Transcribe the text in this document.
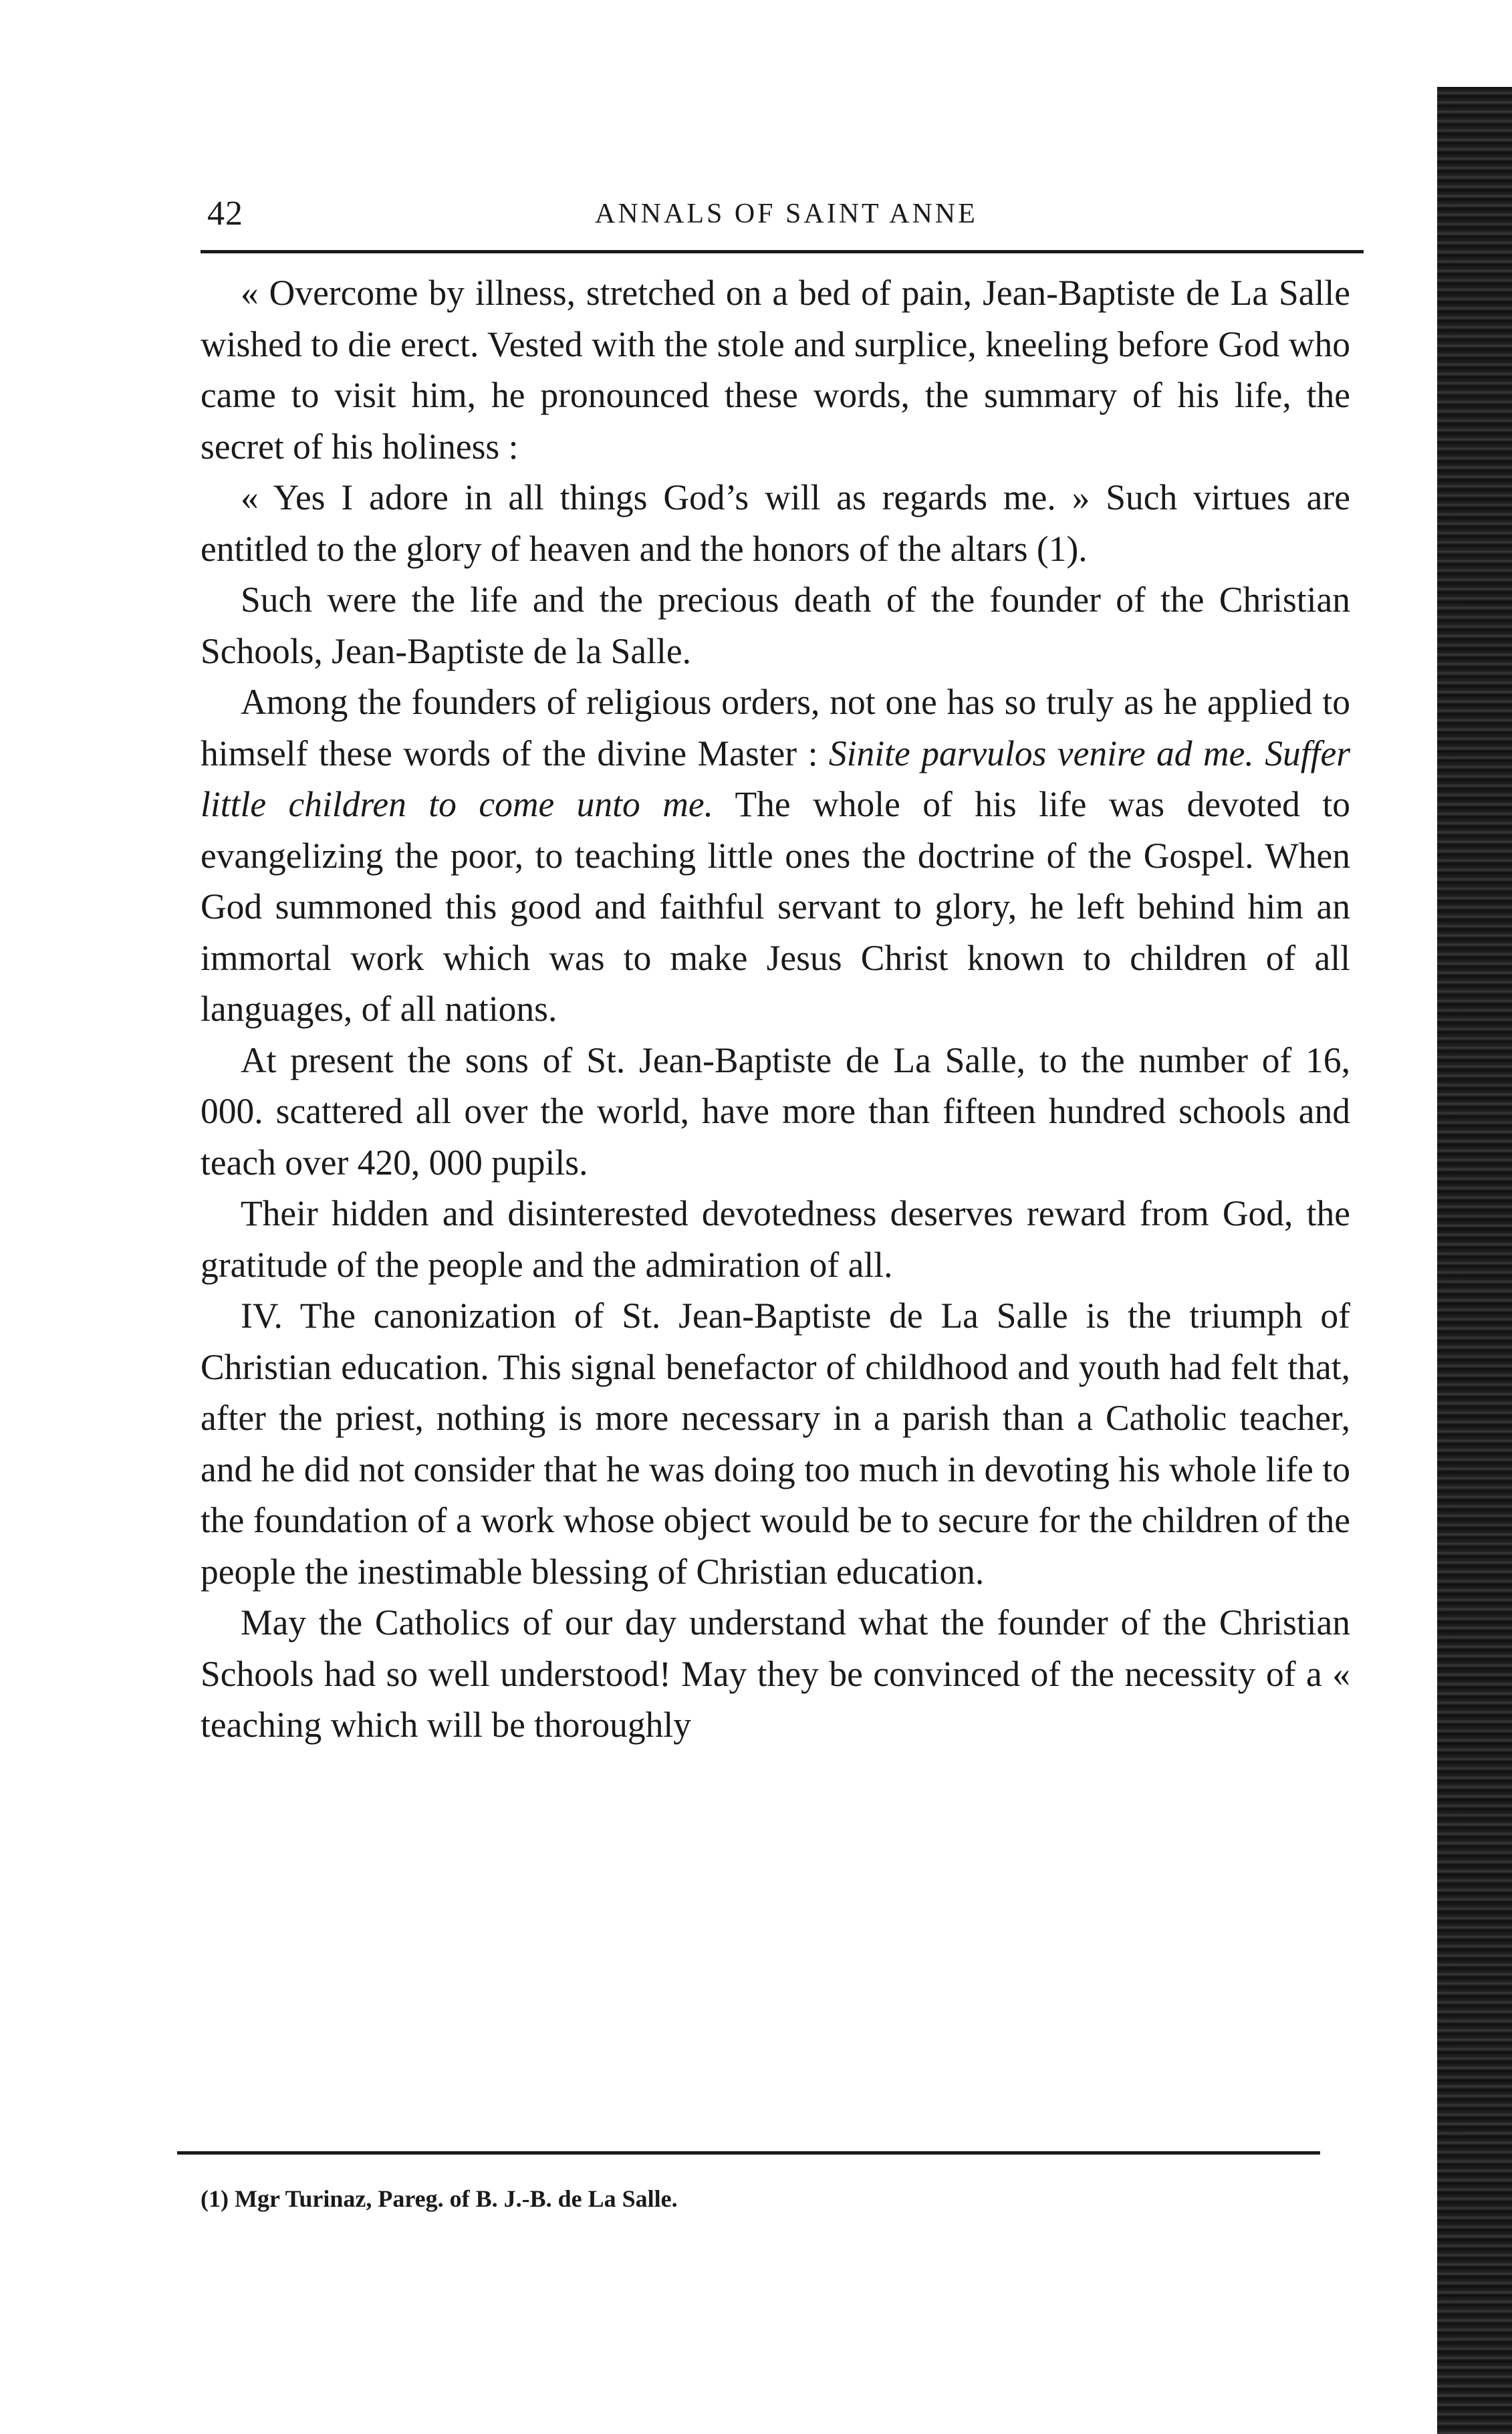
42	ANNALS OF SAINT ANNE

« Overcome by illness, stretched on a bed of pain, Jean-Baptiste de La Salle wished to die erect. Vested with the stole and surplice, kneeling before God who came to visit him, he pronounced these words, the summary of his life, the secret of his holiness :

« Yes I adore in all things God’s will as regards me. » Such virtues are entitled to the glory of heaven and the honors of the altars (1).

Such were the life and the precious death of the founder of the Christian Schools, Jean-Baptiste de la Salle.

Among the founders of religious orders, not one has so truly as he applied to himself these words of the divine Master : Sinite parvulos venire ad me. Suffer little children to come unto me. The whole of his life was devoted to evangelizing the poor, to teaching little ones the doctrine of the Gospel. When God summoned this good and faithful servant to glory, he left behind him an immortal work which was to make Jesus Christ known to children of all languages, of all nations.

At present the sons of St. Jean-Baptiste de La Salle, to the number of 16, 000. scattered all over the world, have more than fifteen hundred schools and teach over 420, 000 pupils.

Their hidden and disinterested devotedness deserves reward from God, the gratitude of the people and the admiration of all.

IV. The canonization of St. Jean-Baptiste de La Salle is the triumph of Christian education. This signal benefactor of childhood and youth had felt that, after the priest, nothing is more necessary in a parish than a Catholic teacher, and he did not consider that he was doing too much in devoting his whole life to the foundation of a work whose object would be to secure for the children of the people the inestimable blessing of Christian education.

May the Catholics of our day understand what the founder of the Christian Schools had so well understood! May they be convinced of the necessity of a « teaching which will be thoroughly

(1) Mgr Turinaz, Pareg. of B. J.-B. de La Salle.
